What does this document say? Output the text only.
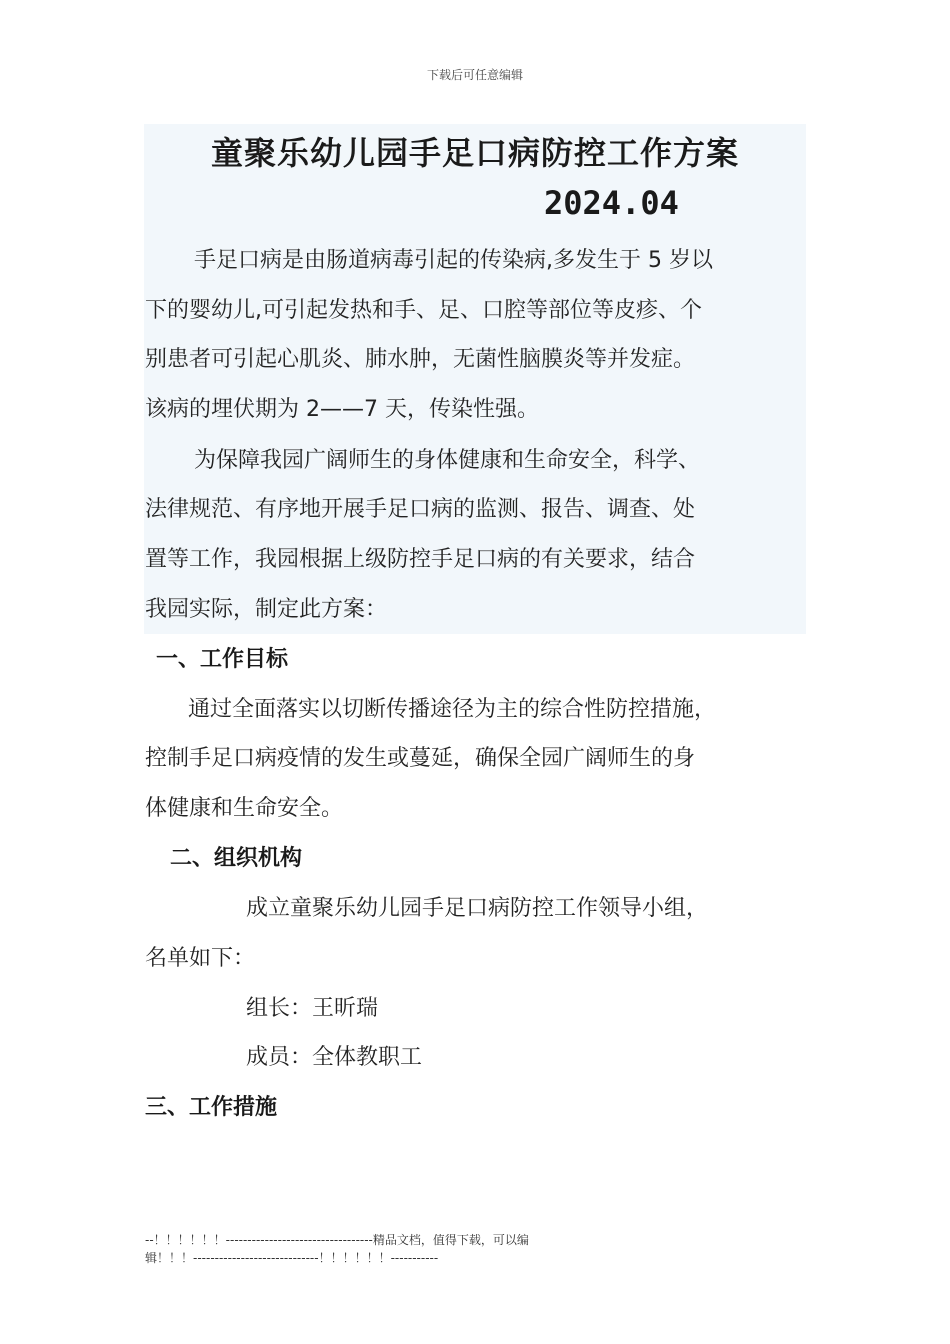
下载后可任意编辑
童聚乐幼儿园手足口病防控工作方案
2024.04
手足口病是由肠道病毒引起的传染病,多发生于 5 岁以
下的婴幼儿,可引起发热和手、足、口腔等部位等皮疹、个
别患者可引起心肌炎、肺水肿，无菌性脑膜炎等并发症。
该病的埋伏期为 2——7 天，传染性强。
为保障我园广阔师生的身体健康和生命安全，科学、
法律规范、有序地开展手足口病的监测、报告、调查、处
置等工作，我园根据上级防控手足口病的有关要求，结合
我园实际，制定此方案：
一、工作目标
通过全面落实以切断传播途径为主的综合性防控措施，
控制手足口病疫情的发生或蔓延，确保全园广阔师生的身
体健康和生命安全。
二、组织机构
成立童聚乐幼儿园手足口病防控工作领导小组，
名单如下：
组长：王昕瑞
成员：全体教职工
三、工作措施
--！！！！！！----------------------------------精品文档，值得下载，可以编
辑！！！-----------------------------！！！！！！-----------
